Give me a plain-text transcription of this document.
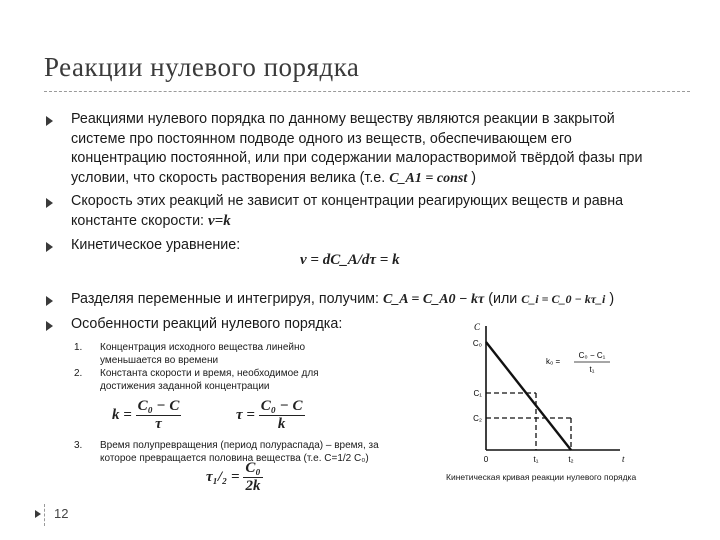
Реакции нулевого порядка
Реакциями нулевого порядка по данному веществу являются реакции в закрытой системе про постоянном подводе одного из веществ, обеспечивающем его концентрацию постоянной, или при содержании малорастворимой твёрдой фазы при условии, что скорость растворения велика (т.е. C_A1 = const )
Скорость этих реакций не зависит от концентрации реагирующих веществ и равна константе скорости: v=k
Кинетическое уравнение:
v = dC_A/dτ = k
Разделяя переменные и интегрируя, получим: C_A = C_A0 − kτ (или C_i = C_0 − kτ_i )
Особенности реакций нулевого порядка:
1. Концентрация исходного вещества линейно уменьшается во времени
2. Константа скорости и время, необходимое для достижения заданной концентрации
$k = \frac{\text{C₀ − C}}{\tau}$	$\tau = \frac{\text{C₀ − C}}{k}$
3. Время полупревращения (период полураспада) – время, за которое превращается половина вещества (т.е. C=1/2 C₀)
$\tau_1/_2 = \frac{\text{C₀}}{2k}$
C
t
C₀
C₁
C₂
0	t₁	t₂
k₀ =
C₀ − C₁
t₁
Кинетическая кривая реакции нулевого порядка
12
